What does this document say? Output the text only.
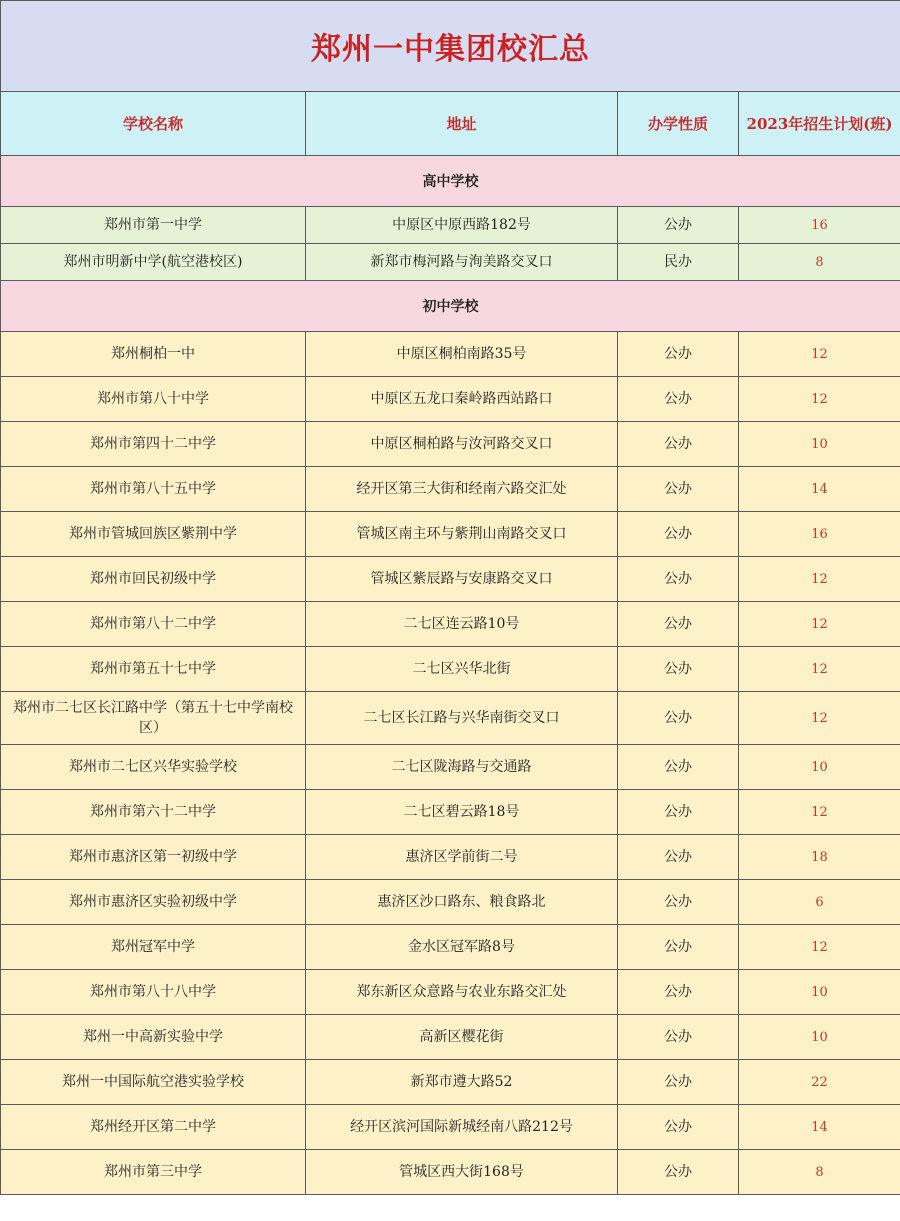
郑州一中集团校汇总			
学校名称	地址	办学性质	2023年招生计划(班)
高中学校			
郑州市第一中学	中原区中原西路182号	公办	16
郑州市明新中学(航空港校区)	新郑市梅河路与洵美路交叉口	民办	8
初中学校			
郑州桐柏一中	中原区桐柏南路35号	公办	12
郑州市第八十中学	中原区五龙口秦岭路西站路口	公办	12
郑州市第四十二中学	中原区桐柏路与汝河路交叉口	公办	10
郑州市第八十五中学	经开区第三大街和经南六路交汇处	公办	14
郑州市管城回族区紫荆中学	管城区南主环与紫荆山南路交叉口	公办	16
郑州市回民初级中学	管城区紫辰路与安康路交叉口	公办	12
郑州市第八十二中学	二七区连云路10号	公办	12
郑州市第五十七中学	二七区兴华北街	公办	12
郑州市二七区长江路中学（第五十七中学南校区）	二七区长江路与兴华南街交叉口	公办	12
郑州市二七区兴华实验学校	二七区陇海路与交通路	公办	10
郑州市第六十二中学	二七区碧云路18号	公办	12
郑州市惠济区第一初级中学	惠济区学前街二号	公办	18
郑州市惠济区实验初级中学	惠济区沙口路东、粮食路北	公办	6
郑州冠军中学	金水区冠军路8号	公办	12
郑州市第八十八中学	郑东新区众意路与农业东路交汇处	公办	10
郑州一中高新实验中学	高新区樱花街	公办	10
郑州一中国际航空港实验学校	新郑市遵大路52	公办	22
郑州经开区第二中学	经开区滨河国际新城经南八路212号	公办	14
郑州市第三中学	管城区西大街168号	公办	8
